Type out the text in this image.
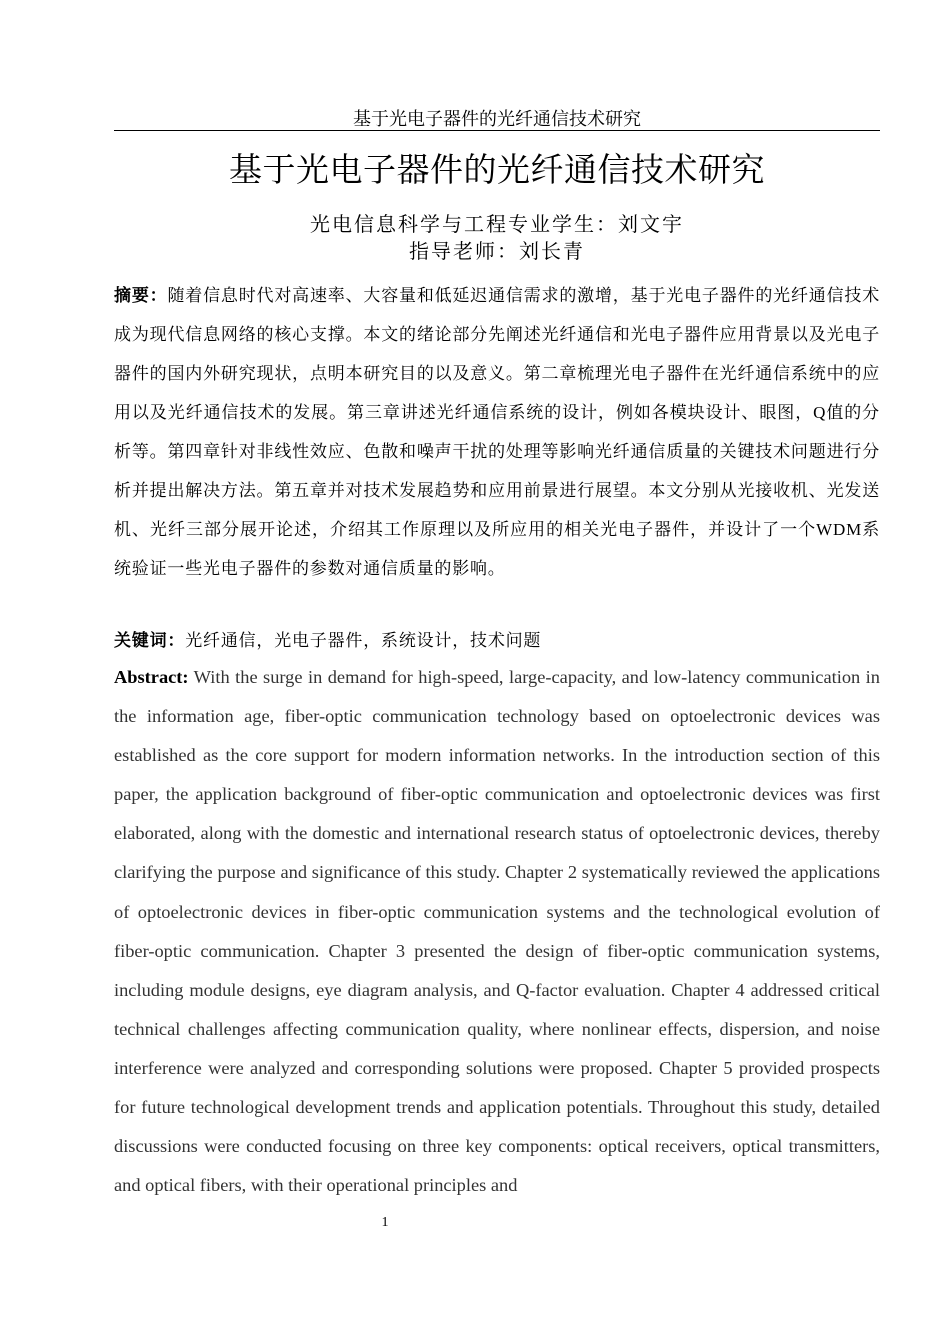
基于光电子器件的光纤通信技术研究
基于光电子器件的光纤通信技术研究
光电信息科学与工程专业学生：刘文宇
指导老师：刘长青
摘要：随着信息时代对高速率、大容量和低延迟通信需求的激增，基于光电子器件的光纤通信技术成为现代信息网络的核心支撑。本文的绪论部分先阐述光纤通信和光电子器件应用背景以及光电子器件的国内外研究现状，点明本研究目的以及意义。第二章梳理光电子器件在光纤通信系统中的应用以及光纤通信技术的发展。第三章讲述光纤通信系统的设计，例如各模块设计、眼图，Q值的分析等。第四章针对非线性效应、色散和噪声干扰的处理等影响光纤通信质量的关键技术问题进行分析并提出解决方法。第五章并对技术发展趋势和应用前景进行展望。本文分别从光接收机、光发送机、光纤三部分展开论述，介绍其工作原理以及所应用的相关光电子器件，并设计了一个WDM系统验证一些光电子器件的参数对通信质量的影响。
关键词：光纤通信，光电子器件，系统设计，技术问题
Abstract: With the surge in demand for high-speed, large-capacity, and low-latency communication in the information age, fiber-optic communication technology based on optoelectronic devices was established as the core support for modern information networks. In the introduction section of this paper, the application background of fiber-optic communication and optoelectronic devices was first elaborated, along with the domestic and international research status of optoelectronic devices, thereby clarifying the purpose and significance of this study. Chapter 2 systematically reviewed the applications of optoelectronic devices in fiber-optic communication systems and the technological evolution of fiber-optic communication. Chapter 3 presented the design of fiber-optic communication systems, including module designs, eye diagram analysis, and Q-factor evaluation. Chapter 4 addressed critical technical challenges affecting communication quality, where nonlinear effects, dispersion, and noise interference were analyzed and corresponding solutions were proposed. Chapter 5 provided prospects for future technological development trends and application potentials. Throughout this study, detailed discussions were conducted focusing on three key components: optical receivers, optical transmitters, and optical fibers, with their operational principles and
1
